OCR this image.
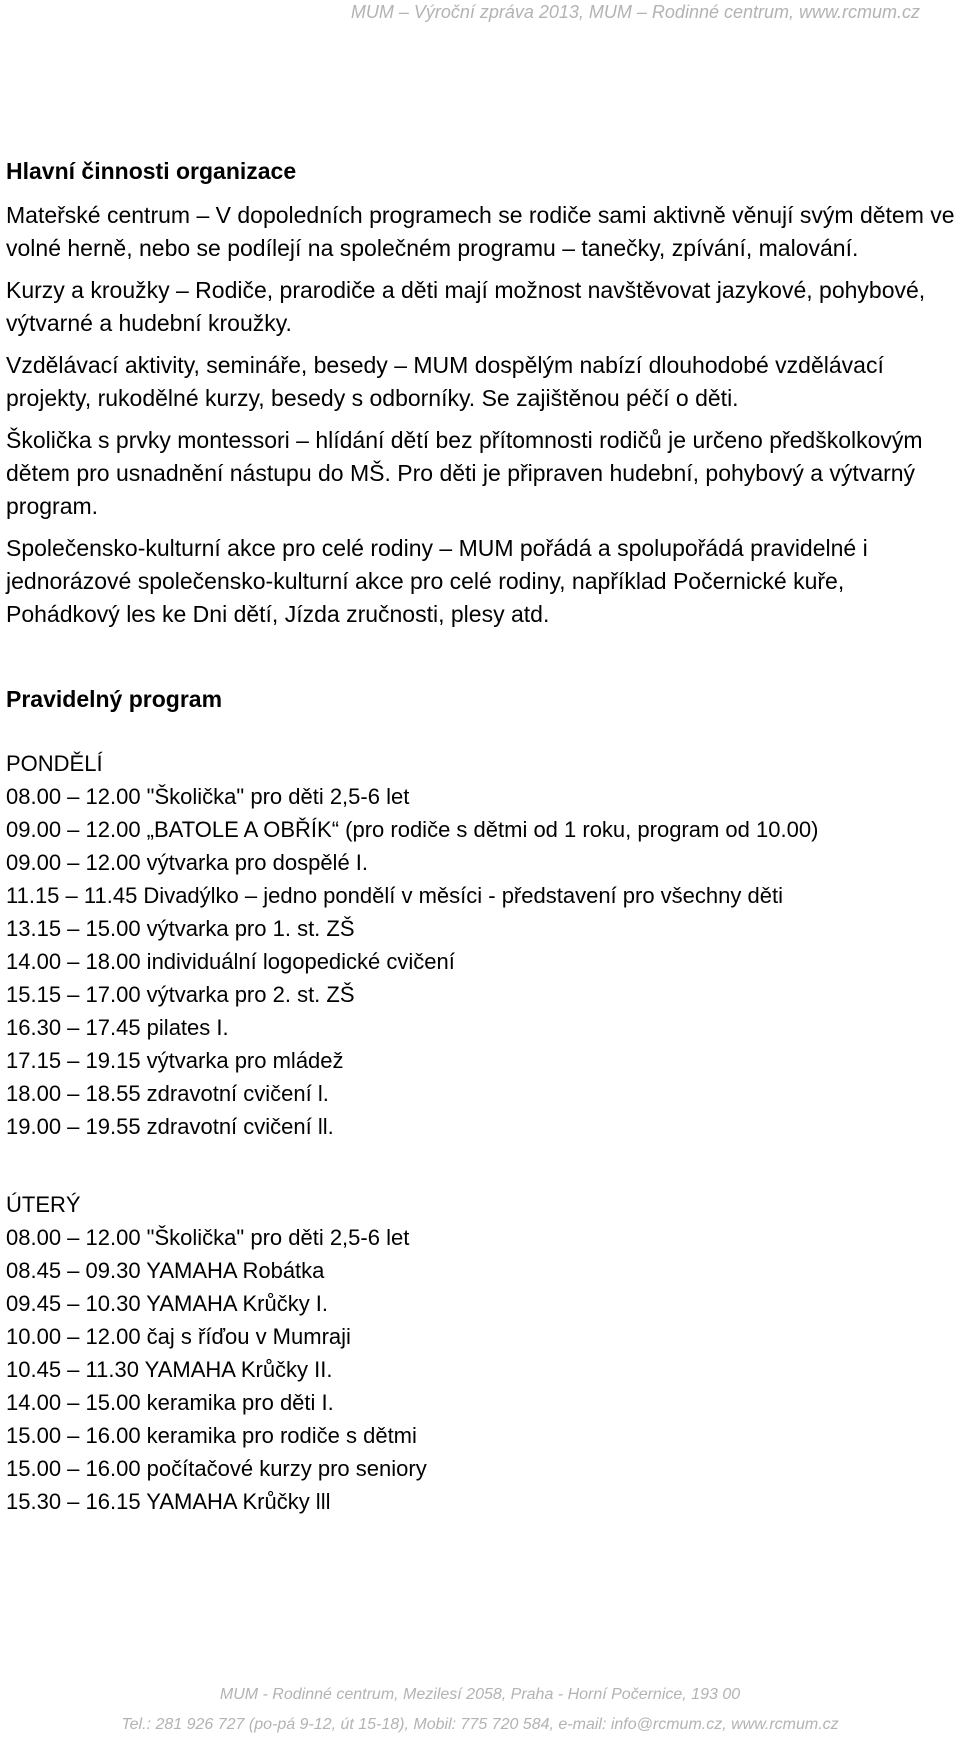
MUM – Výroční zpráva 2013, MUM – Rodinné centrum, www.rcmum.cz
Hlavní činnosti organizace

Mateřské centrum – V dopoledních programech se rodiče sami aktivně věnují svým dětem ve volné herně, nebo se podílejí na společném programu – tanečky, zpívání, malování.

Kurzy a kroužky – Rodiče, prarodiče a děti mají možnost navštěvovat jazykové, pohybové, výtvarné a hudební kroužky.

Vzdělávací aktivity, semináře, besedy – MUM dospělým nabízí dlouhodobé vzdělávací projekty, rukodělné kurzy, besedy s odborníky. Se zajištěnou péčí o děti.

Školička s prvky montessori – hlídání dětí bez přítomnosti rodičů je určeno předškolkovým dětem pro usnadnění nástupu do MŠ. Pro děti je připraven hudební, pohybový a výtvarný program.

Společensko-kulturní akce pro celé rodiny – MUM pořádá a spolupořádá pravidelné i jednorázové společensko-kulturní akce pro celé rodiny, například Počernické kuře, Pohádkový les ke Dni dětí, Jízda zručnosti, plesy atd.

Pravidelný program
PONDĚLÍ
08.00 – 12.00 "Školička" pro děti 2,5-6 let
09.00 – 12.00 „BATOLE A OBŘÍK“ (pro rodiče s dětmi od 1 roku, program od 10.00)
09.00 – 12.00 výtvarka pro dospělé I.
11.15 – 11.45 Divadýlko – jedno pondělí v měsíci - představení pro všechny děti
13.15 – 15.00 výtvarka pro 1. st. ZŠ
14.00 – 18.00 individuální logopedické cvičení
15.15 – 17.00 výtvarka pro 2. st. ZŠ
16.30 – 17.45 pilates I.
17.15 – 19.15 výtvarka pro mládež
18.00 – 18.55 zdravotní cvičení l.
19.00 – 19.55 zdravotní cvičení ll.
ÚTERÝ
08.00 – 12.00 "Školička" pro děti 2,5-6 let
08.45 – 09.30 YAMAHA Robátka
09.45 – 10.30 YAMAHA Krůčky I.
10.00 – 12.00 čaj s říďou v Mumraji
10.45 – 11.30 YAMAHA Krůčky II.
14.00 – 15.00 keramika pro děti I.
15.00 – 16.00 keramika pro rodiče s dětmi
15.00 – 16.00 počítačové kurzy pro seniory
15.30 – 16.15 YAMAHA Krůčky lll
MUM - Rodinné centrum, Mezilesí 2058, Praha - Horní Počernice, 193 00
Tel.: 281 926 727 (po-pá 9-12, út 15-18), Mobil: 775 720 584, e-mail: info@rcmum.cz, www.rcmum.cz
